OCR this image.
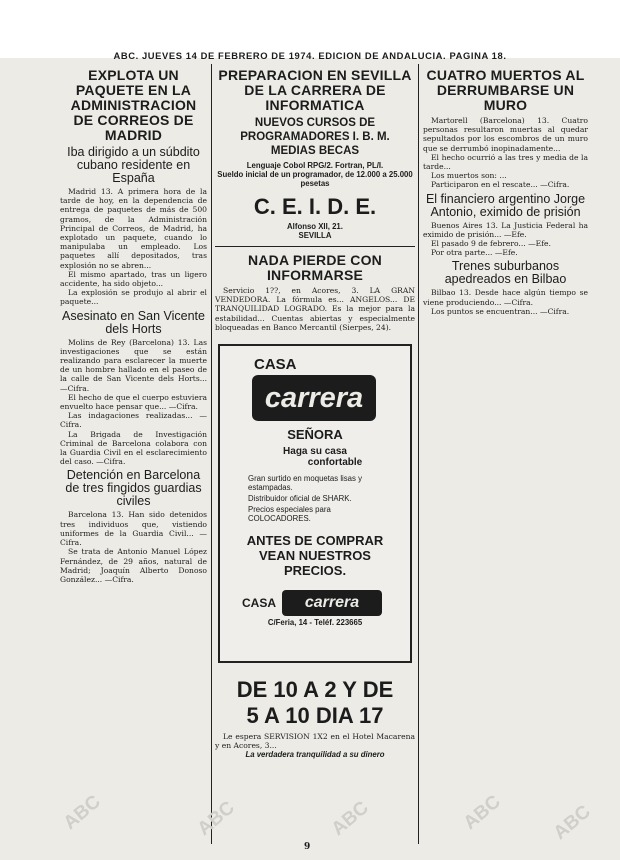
ABC. JUEVES 14 DE FEBRERO DE 1974. EDICION DE ANDALUCIA. PAGINA 18.
EXPLOTA UN PAQUETE EN LA ADMINISTRACION DE CORREOS DE MADRID
Iba dirigido a un súbdito cubano residente en España

Madrid 13. A primera hora de la tarde de hoy, en la dependencia de entrega de paquetes de más de 500 gramos, de la Administración Principal de Correos, de Madrid, ha explotado un paquete, cuando lo manipulaba un empleado. Los paquetes allí depositados, tras explosión no se abren...

El mismo apartado, tras un ligero accidente, ha sido objeto...

La explosión se produjo al abrir el paquete...

Asesinato en San Vicente dels Horts

Molins de Rey (Barcelona) 13. Las investigaciones que se están realizando para esclarecer la muerte de un hombre hallado en el paseo de la calle de San Vicente dels Horts... —Cifra.

El hecho de que el cuerpo estuviera envuelto hace pensar que... —Cifra.

Las indagaciones realizadas... —Cifra.

La Brigada de Investigación Criminal de Barcelona colabora con la Guardia Civil en el esclarecimiento del caso. —Cifra.

Detención en Barcelona de tres fingidos guardias civiles

Barcelona 13. Han sido detenidos tres individuos que, vistiendo uniformes de la Guardia Civil... —Cifra.

Se trata de Antonio Manuel López Fernández, de 29 años, natural de Madrid; Joaquín Alberto Donoso González... —Cifra.

PREPARACION EN SEVILLA DE LA CARRERA DE INFORMATICA
NUEVOS CURSOS DE
PROGRAMADORES I. B. M.
MEDIAS BECAS
Lenguaje Cobol RPG/2. Fortran, PL/I.
Sueldo inicial de un programador, de 12.000 a 25.000 pesetas
C. E. I. D. E.
Alfonso XII, 21.
SEVILLA
NADA PIERDE CON INFORMARSE

Servicio 1??, en Acores, 3. LA GRAN VENDEDORA. La fórmula es... ANGELOS... DE TRANQUILIDAD LOGRADO. Es la mejor para la estabilidad... Cuentas abiertas y especialmente bloqueadas en Banco Mercantil (Sierpes, 24).

CASA
carrera
SEÑORA
Haga su casa
confortable
Gran surtido en moquetas lisas y estampadas.
Distribuidor oficial de SHARK.
Precios especiales para COLOCADORES.
ANTES DE COMPRAR VEAN NUESTROS PRECIOS.
CASA	carrera
C/Feria, 14 - Teléf. 223665
DE 10 A 2 Y DE
5 A 10 DIA 17

Le espera SERVISION 1X2 en el Hotel Macarena y en Acores, 3...

La verdadera tranquilidad a su dinero
CUATRO MUERTOS AL DERRUMBARSE UN MURO

Martorell (Barcelona) 13. Cuatro personas resultaron muertas al quedar sepultados por los escombros de un muro que se derrumbó inopinadamente...

El hecho ocurrió a las tres y media de la tarde...

Los muertos son: ...

Participaron en el rescate... —Cifra.

El financiero argentino Jorge Antonio, eximido de prisión

Buenos Aires 13. La Justicia Federal ha eximido de prisión... —Efe.

El pasado 9 de febrero... —Efe.

Por otra parte... —Efe.

Trenes suburbanos apedreados en Bilbao

Bilbao 13. Desde hace algún tiempo se viene produciendo... —Cifra.

Los puntos se encuentran... —Cifra.

ABC	ABC	ABC	ABC ABC
9
